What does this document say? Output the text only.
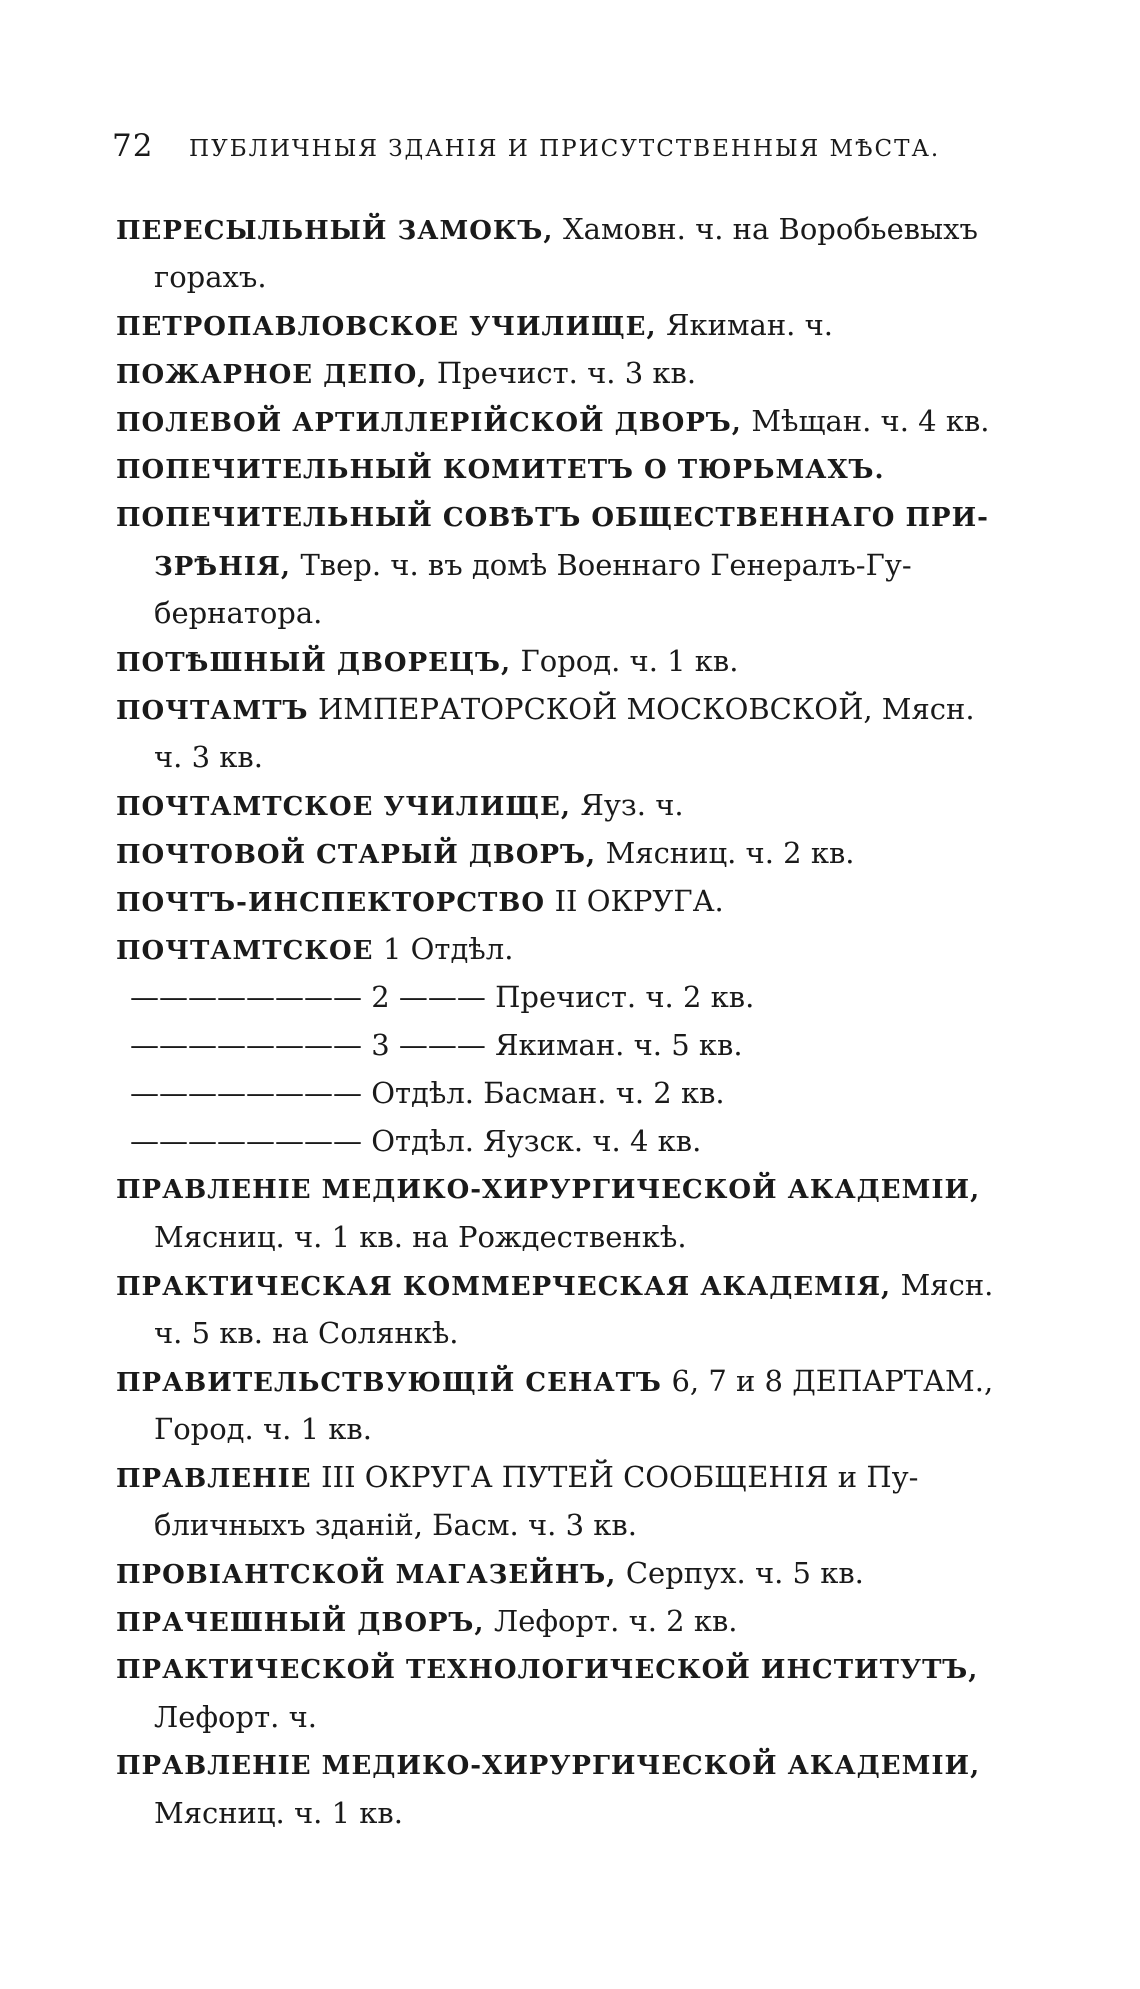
72 ПУБЛИЧНЫЯ ЗДАНІЯ И ПРИСУТСТВЕННЫЯ МѢСТА.
ПЕРЕСЫЛЬНЫЙ ЗАМОКЪ, Хамовн. ч. на Воробьевыхъ
горахъ.
ПЕТРОПАВЛОВСКОЕ УЧИЛИЩЕ, Якиман. ч.
ПОЖАРНОЕ ДЕПО, Пречист. ч. 3 кв.
ПОЛЕВОЙ АРТИЛЛЕРІЙСКОЙ ДВОРЪ, Мѣщан. ч. 4 кв.
ПОПЕЧИТЕЛЬНЫЙ КОМИТЕТЪ О ТЮРЬМАХЪ.
ПОПЕЧИТЕЛЬНЫЙ СОВѢТЪ ОБЩЕСТВЕННАГО ПРИ-
ЗРѢНІЯ, Твер. ч. въ домѣ Военнаго Генералъ-Гу-
бернатора.
ПОТѢШНЫЙ ДВОРЕЦЪ, Город. ч. 1 кв.
ПОЧТАМТЪ ИМПЕРАТОРСКОЙ МОСКОВСКОЙ, Мясн.
ч. 3 кв.
ПОЧТАМТСКОЕ УЧИЛИЩЕ, Яуз. ч.
ПОЧТОВОЙ СТАРЫЙ ДВОРЪ, Мясниц. ч. 2 кв.
ПОЧТЪ-ИНСПЕКТОРСТВО II ОКРУГА.
ПОЧТАМТСКОЕ 1 Отдѣл.
———————— 2 ——— Пречист. ч. 2 кв.
———————— 3 ——— Якиман. ч. 5 кв.
———————— Отдѣл. Басман. ч. 2 кв.
———————— Отдѣл. Яузск. ч. 4 кв.
ПРАВЛЕНІЕ МЕДИКО-ХИРУРГИЧЕСКОЙ АКАДЕМІИ,
Мясниц. ч. 1 кв. на Рождественкѣ.
ПРАКТИЧЕСКАЯ КОММЕРЧЕСКАЯ АКАДЕМІЯ, Мясн.
ч. 5 кв. на Солянкѣ.
ПРАВИТЕЛЬСТВУЮЩІЙ СЕНАТЪ 6, 7 и 8 ДЕПАРТАМ.,
Город. ч. 1 кв.
ПРАВЛЕНІЕ III ОКРУГА ПУТЕЙ СООБЩЕНІЯ и Пу-
бличныхъ зданій, Басм. ч. 3 кв.
ПРОВІАНТСКОЙ МАГАЗЕЙНЪ, Серпух. ч. 5 кв.
ПРАЧЕШНЫЙ ДВОРЪ, Лефорт. ч. 2 кв.
ПРАКТИЧЕСКОЙ ТЕХНОЛОГИЧЕСКОЙ ИНСТИТУТЪ,
Лефорт. ч.
ПРАВЛЕНІЕ МЕДИКО-ХИРУРГИЧЕСКОЙ АКАДЕМІИ,
Мясниц. ч. 1 кв.
